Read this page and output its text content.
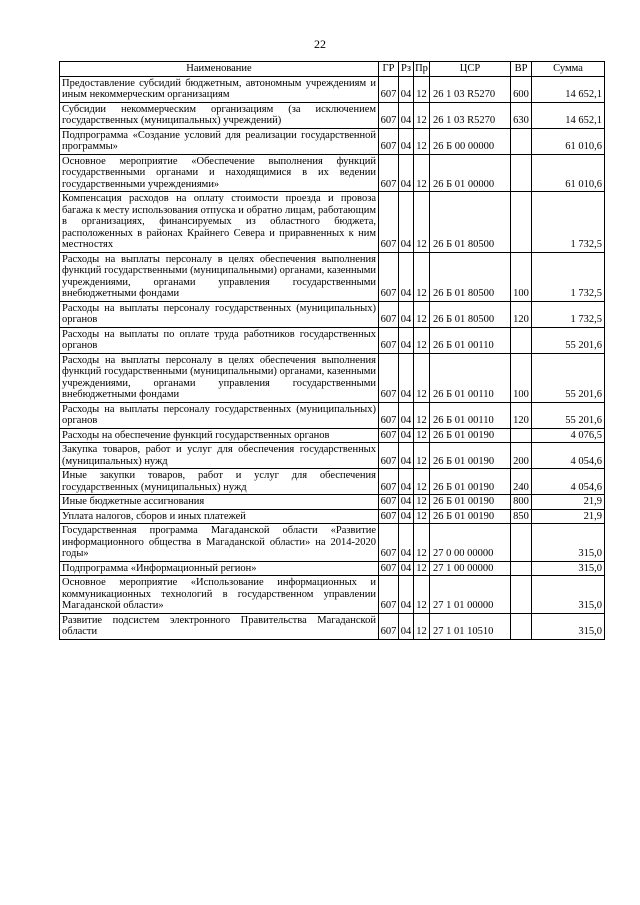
22
Наименование	ГР	Рз	Пр	ЦСР	ВР	Сумма
Предоставление субсидий бюджетным, автономным учреждениям и иным некоммерческим организациям	607	04	12	26 1 03 R5270	600	14 652,1
Субсидии некоммерческим организациям (за исключением государственных (муниципальных) учреждений)	607	04	12	26 1 03 R5270	630	14 652,1
Подпрограмма «Создание условий для реализации государственной программы»	607	04	12	26 Б 00 00000		61 010,6
Основное мероприятие «Обеспечение выполнения функций государственными органами и находящимися в их ведении государственными учреждениями»	607	04	12	26 Б 01 00000		61 010,6
Компенсация расходов на оплату стоимости проезда и провоза багажа к месту использования отпуска и обратно лицам, работающим в организациях, финансируемых из областного бюджета, расположенных в районах Крайнего Севера и приравненных к ним местностях	607	04	12	26 Б 01 80500		1 732,5
Расходы на выплаты персоналу в целях обеспечения выполнения функций государственными (муниципальными) органами, казенными учреждениями, органами управления государственными внебюджетными фондами	607	04	12	26 Б 01 80500	100	1 732,5
Расходы на выплаты персоналу государственных (муниципальных) органов	607	04	12	26 Б 01 80500	120	1 732,5
Расходы на выплаты по оплате труда работников государственных органов	607	04	12	26 Б 01 00110		55 201,6
Расходы на выплаты персоналу в целях обеспечения выполнения функций государственными (муниципальными) органами, казенными учреждениями, органами управления государственными внебюджетными фондами	607	04	12	26 Б 01 00110	100	55 201,6
Расходы на выплаты персоналу государственных (муниципальных) органов	607	04	12	26 Б 01 00110	120	55 201,6
Расходы на обеспечение функций государственных органов	607	04	12	26 Б 01 00190		4 076,5
Закупка товаров, работ и услуг для обеспечения государственных (муниципальных) нужд	607	04	12	26 Б 01 00190	200	4 054,6
Иные закупки товаров, работ и услуг для обеспечения государственных (муниципальных) нужд	607	04	12	26 Б 01 00190	240	4 054,6
Иные бюджетные ассигнования	607	04	12	26 Б 01 00190	800	21,9
Уплата налогов, сборов и иных платежей	607	04	12	26 Б 01 00190	850	21,9
Государственная программа Магаданской области «Развитие информационного общества в Магаданской области» на 2014-2020 годы»	607	04	12	27 0 00 00000		315,0
Подпрограмма «Информационный регион»	607	04	12	27 1 00 00000		315,0
Основное мероприятие «Использование информационных и коммуникационных технологий в государственном управлении Магаданской области»	607	04	12	27 1 01 00000		315,0
Развитие подсистем электронного Правительства Магаданской области	607	04	12	27 1 01 10510		315,0
